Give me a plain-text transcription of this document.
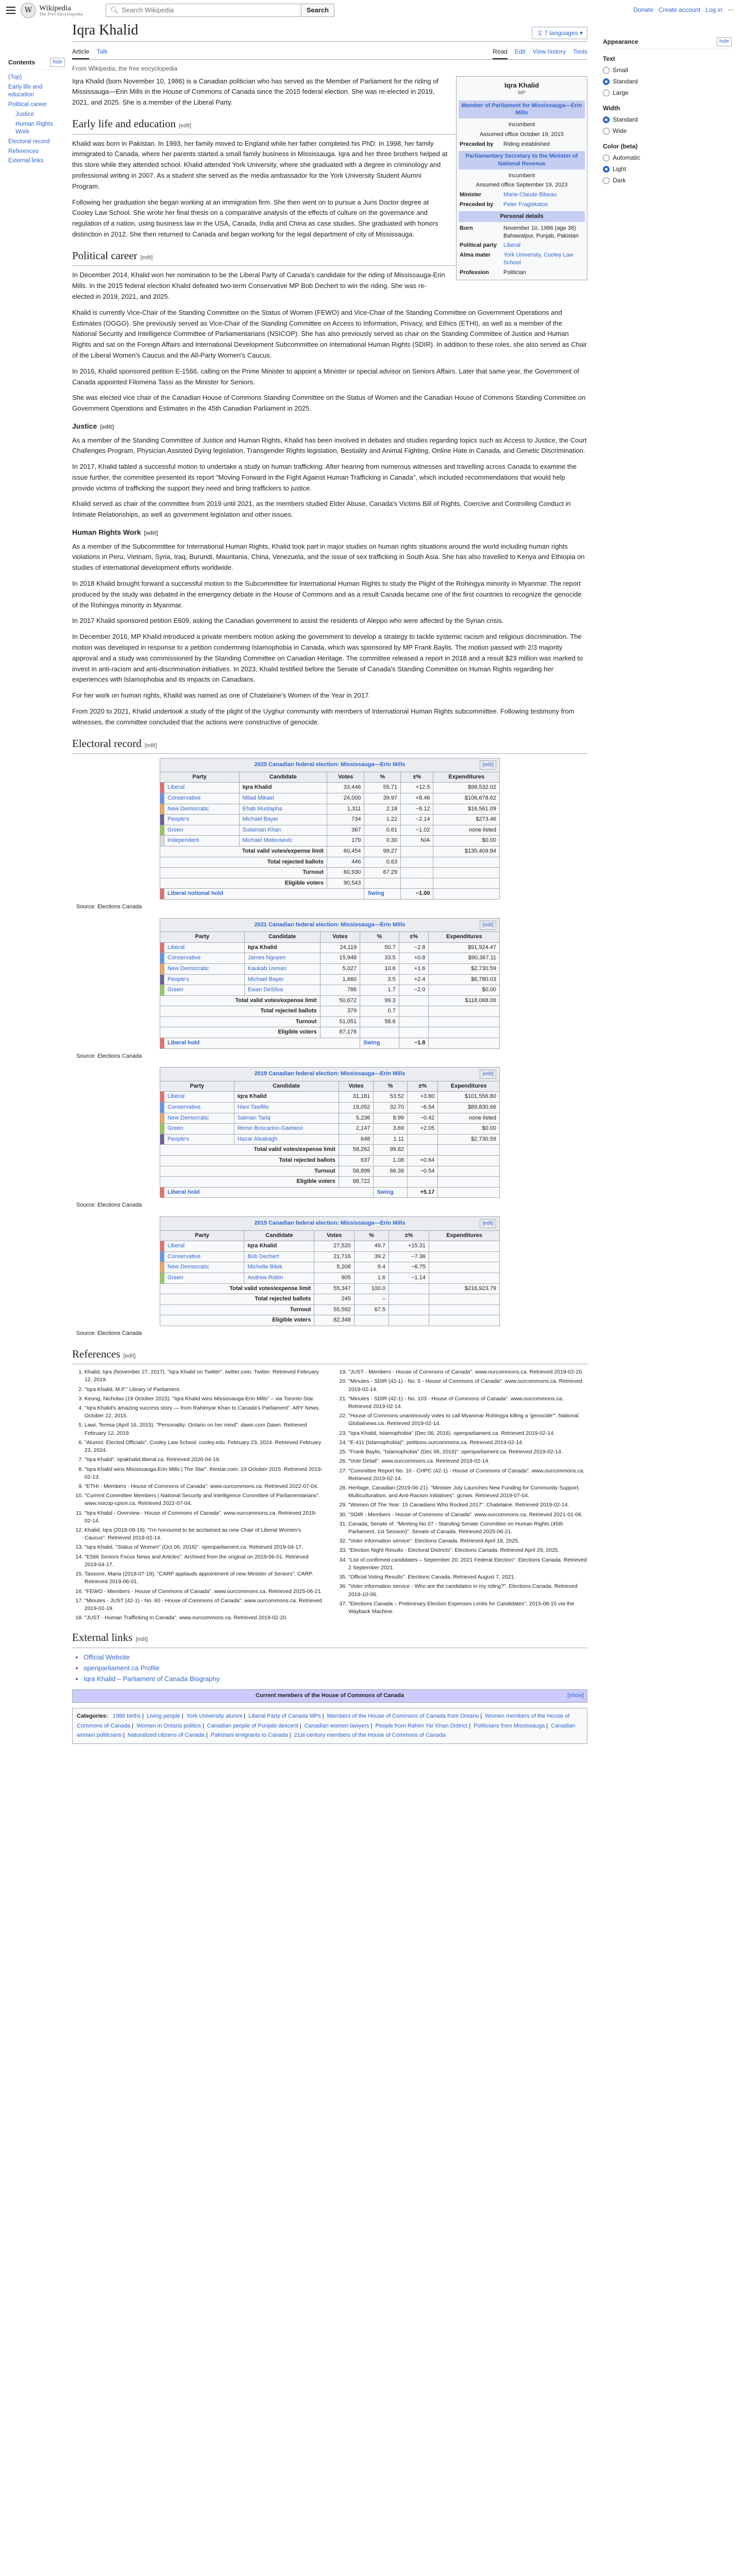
W Wikipedia
The Free Encyclopedia	🔍︎ Search Wikipedia	Search	Donate Create account Log in ⋯
Contents	hide
(Top)
Early life and education
Political career
Justice
Human Rights Work
Electoral record
References
External links
Iqra Khalid	文 7 languages ▾
Article Talk	Read Edit View history Tools
From Wikipedia, the free encyclopedia
Iqra Khalid
MP
Member of Parliament for Mississauga—Erin Mills
Incumbent
Assumed office October 19, 2015
Preceded by	Riding established
Parliamentary Secretary to the Minister of National Revenue
Incumbent
Assumed office September 19, 2023
Minister	Marie-Claude Bibeau
Preceded by	Peter Fragiskatos
Personal details
Born	November 10, 1986 (age 38) Bahawalpur, Punjab, Pakistan
Political party	Liberal
Alma mater	York University, Cooley Law School
Profession	Politician

Iqra Khalid (born November 10, 1986) is a Canadian politician who has served as the Member of Parliament for the riding of Mississauga—Erin Mills in the House of Commons of Canada since the 2015 federal election. She was re-elected in 2019, 2021, and 2025. She is a member of the Liberal Party.

Early life and education [edit]

Khalid was born in Pakistan. In 1993, her family moved to England while her father completed his PhD. In 1998, her family immigrated to Canada, where her parents started a small family business in Mississauga. Iqra and her three brothers helped at this store while they attended school. Khalid attended York University, where she graduated with a degree in criminology and professional writing in 2007. As a student she served as the media ambassador for the York University Student Alumni Program.

Following her graduation she began working at an immigration firm. She then went on to pursue a Juris Doctor degree at Cooley Law School. She wrote her final thesis on a comparative analysis of the effects of culture on the governance and regulation of a nation, using business law in the USA, Canada, India and China as case studies. She graduated with honors distinction in 2012. She then returned to Canada and began working for the legal department of city of Mississauga.

Political career [edit]

In December 2014, Khalid won her nomination to be the Liberal Party of Canada's candidate for the riding of Mississauga-Erin Mills. In the 2015 federal election Khalid defeated two-term Conservative MP Bob Dechert to win the riding. She was re-elected in 2019, 2021, and 2025.

Khalid is currently Vice-Chair of the Standing Committee on the Status of Women (FEWO) and Vice-Chair of the Standing Committee on Government Operations and Estimates (OGGO). She previously served as Vice-Chair of the Standing Committee on Access to Information, Privacy, and Ethics (ETHI), as well as a member of the National Security and Intelligence Committee of Parliamentarians (NSICOP). She has also previously served as chair on the Standing Committee of Justice and Human Rights and sat on the Foreign Affairs and International Development Subcommittee on International Human Rights (SDIR). In addition to these roles, she also served as Chair of the Liberal Women's Caucus and the All-Party Women's Caucus.

In 2016, Khalid sponsored petition E-1566, calling on the Prime Minister to appoint a Minister or special advisor on Seniors Affairs. Later that same year, the Government of Canada appointed Filomena Tassi as the Minister for Seniors.

She was elected vice chair of the Canadian House of Commons Standing Committee on the Status of Women and the Canadian House of Commons Standing Committee on Government Operations and Estimates in the 45th Canadian Parliament in 2025.

Justice [edit]

As a member of the Standing Committee of Justice and Human Rights, Khalid has been involved in debates and studies regarding topics such as Access to Justice, the Court Challenges Program, Physician Assisted Dying legislation, Transgender Rights legislation, Bestiality and Animal Fighting, Online Hate in Canada, and Genetic Discrimination.

In 2017, Khalid tabled a successful motion to undertake a study on human trafficking. After hearing from numerous witnesses and travelling across Canada to examine the issue further, the committee presented its report "Moving Forward in the Fight Against Human Trafficking in Canada", which included recommendations that would help provide victims of trafficking the support they need and bring traffickers to justice.

Khalid served as chair of the committee from 2019 until 2021, as the members studied Elder Abuse, Canada's Victims Bill of Rights, Coercive and Controlling Conduct in Intimate Relationships, as well as government legislation and other issues.

Human Rights Work [edit]

As a member of the Subcommittee for International Human Rights, Khalid took part in major studies on human rights situations around the world including human rights violations in Peru, Vietnam, Syria, Iraq, Burundi, Mauritania, China, Venezuela, and the issue of sex trafficking in South Asia. She has also travelled to Kenya and Ethiopia on studies of international development efforts worldwide.

In 2018 Khalid brought forward a successful motion to the Subcommittee for International Human Rights to study the Plight of the Rohingya minority in Myanmar. The report produced by the study was debated in the emergency debate in the House of Commons and as a result Canada became one of the first countries to recognize the genocide of the Rohingya minority in Myanmar.

In 2017 Khalid sponsored petition E609, asking the Canadian government to assist the residents of Aleppo who were affected by the Syrian crisis.

In December 2016, MP Khalid introduced a private members motion asking the government to develop a strategy to tackle systemic racism and religious discrimination. The motion was developed in response to a petition condemning Islamophobia in Canada, which was sponsored by MP Frank Baylis. The motion passed with 2/3 majority approval and a study was commissioned by the Standing Committee on Canadian Heritage. The committee released a report in 2018 and a result $23 million was marked to invest in anti-racism and anti-discrimination initiatives. In 2023, Khalid testified before the Senate of Canada's Standing Committee on Human Rights regarding her experiences with Islamophobia and its impacts on Canadians.

For her work on human rights, Khalid was named as one of Chatelaine's Women of the Year in 2017.

From 2020 to 2021, Khalid undertook a study of the plight of the Uyghur community with members of International Human Rights subcommittee. Following testimony from witnesses, the committee concluded that the actions were constructive of genocide.

Electoral record [edit]
2025 Canadian federal election: Mississauga—Erin Mills [edit]						

Party		Candidate	Votes	%	±%	Expenditures
	Liberal	Iqra Khalid	33,446	55.71	+12.5	$98,532.02
	Conservative	Milad Mikael	24,000	39.97	+8.46	$106,678.62
	New Democratic	Ehab Mustapha	1,311	2.18	−8.12	$16,561.09
	People's	Michael Bayer	734	1.22	−2.14	$273.46
	Green	Sulaiman Khan	367	0.61	−1.02	none listed
	Independent	Michael Mateusevic	179	0.30	N/A	$0.00
Total valid votes/expense limit			60,454	99.27		$135,409.84
Total rejected ballots			446	0.63		
Turnout			60,930	67.29		
Eligible voters			90,543			
	Liberal notional hold			Swing	−1.00	
Source: Elections Canada
2021 Canadian federal election: Mississauga—Erin Mills [edit]						

Party		Candidate	Votes	%	±%	Expenditures
	Liberal	Iqra Khalid	24,119	50.7	−2.8	$91,924.47
	Conservative	James Nguyen	15,948	33.5	+0.8	$90,367.11
	New Democratic	Kaukab Usman	5,027	10.6	+1.6	$2,730.59
	People's	Michael Bayer	1,660	3.5	+2.4	$6,780.03
	Green	Ewan DeSilva	786	1.7	−2.0	$0.00
Total valid votes/expense limit			50,672	99.3		$118,068.06
Total rejected ballots			379	0.7		
Turnout			51,051	58.6		
Eligible voters			87,176			
	Liberal hold			Swing	−1.8	
Source: Elections Canada
2019 Canadian federal election: Mississauga—Erin Mills [edit]						

Party		Candidate	Votes	%	±%	Expenditures
	Liberal	Iqra Khalid	31,181	53.52	+3.80	$101,556.80
	Conservative	Hani Tawfilis	19,052	32.70	−6.54	$89,830.66
	New Democratic	Salman Tariq	5,236	8.99	−0.42	none listed
	Green	Remo Boscarino-Gaetano	2,147	3.69	+2.05	$0.00
	People's	Hazar Alsabagh	648	1.11		$2,730.59
Total valid votes/expense limit			58,262	99.82		
Total rejected ballots			637	1.08	+0.64	
Turnout			58,899	66.39	−0.54	
Eligible voters			88,722			
	Liberal hold			Swing	+5.17	
Source: Elections Canada
2015 Canadian federal election: Mississauga—Erin Mills [edit]						

Party		Candidate	Votes	%	±%	Expenditures
	Liberal	Iqra Khalid	27,520	49.7	+15.31	
	Conservative	Bob Dechert	21,716	39.2	−7.36	
	New Democratic	Michelle Bilek	5,206	9.4	−6.75	
	Green	Andrew Robin	905	1.6	−1.14	
Total valid votes/expense limit			55,347	100.0		$216,923.79
Total rejected ballots			245	–		
Turnout			55,592	67.5		
Eligible voters			82,348			
Source: Elections Canada
References [edit]
1. Khalid, Iqra (November 27, 2017). "Iqra Khalid on Twitter". twitter.com. Twitter. Retrieved February 12, 2019.
2. "Iqra Khalid, M.P." Library of Parliament.
3. Keung, Nicholas (19 October 2015). "Iqra Khalid wins Mississauga-Erin Mills" – via Toronto Star.
4. "Iqra Khalid's amazing success story — from Rahimyar Khan to Canada's Parliament". ARY News. October 22, 2015.
5. Lawi, Teresa (April 16, 2015). "Personality: Ontario on her mind". dawn.com Dawn. Retrieved February 12, 2019.
6. "Alumni: Elected Officials". Cooley Law School. cooley.edu. February 23, 2024. Retrieved February 23, 2024.
7. "Iqra Khalid". iqrakhalid.liberal.ca. Retrieved 2026-04-19.
8. "Iqra Khalid wins Mississauga-Erin Mills | The Star". thestar.com. 19 October 2015. Retrieved 2019-02-13.
9. "ETHI - Members - House of Commons of Canada". www.ourcommons.ca. Retrieved 2022-07-04.
10. "Current Committee Members | National Security and Intelligence Committee of Parliamentarians". www.nsicop-cpsnr.ca. Retrieved 2022-07-04.
11. "Iqra Khalid - Overview - House of Commons of Canada". www.ourcommons.ca. Retrieved 2019-02-14.
12. Khalid, Iqra (2018-09-19). "I'm honoured to be acclaimed as new Chair of Liberal Women's Caucus". Retrieved 2019-02-14.
13. "Iqra Khalid, "Status of Women" (Oct 06, 2016)". openparliament.ca. Retrieved 2019-04-17.
14. "E566 Seniors Focus News and Articles". Archived from the original on 2019-06-01. Retrieved 2019-04-17.
15. Tassone, Maria (2018-07-18). "CARP applauds appointment of new Minister of Seniors". CARP. Retrieved 2019-06-01.
16. "FEWO - Members - House of Commons of Canada". www.ourcommons.ca. Retrieved 2025-06-21.
17. "Minutes - JUST (42-1) - No. 60 - House of Commons of Canada". www.ourcommons.ca. Retrieved 2019-02-19.
18. "JUST - Human Trafficking in Canada". www.ourcommons.ca. Retrieved 2019-02-20.
19. "JUST - Members - House of Commons of Canada". www.ourcommons.ca. Retrieved 2019-02-20.
20. "Minutes - SDIR (42-1) - No. 5 - House of Commons of Canada". www.ourcommons.ca. Retrieved 2019-02-14.
21. "Minutes - SDIR (42-1) - No. 103 - House of Commons of Canada". www.ourcommons.ca. Retrieved 2019-02-14.
22. "House of Commons unanimously votes to call Myanmar Rohingya killing a 'genocide'". National. Globalnews.ca. Retrieved 2019-02-14.
23. "Iqra Khalid, Islamophobia" (Dec 06, 2016). openparliament.ca. Retrieved 2019-02-14.
24. "E-411 (Islamophobia)". petitions.ourcommons.ca. Retrieved 2019-02-14.
25. "Frank Baylis, "Islamophobia" (Dec 06, 2016)". openparliament.ca. Retrieved 2019-02-14.
26. "Vote Detail". www.ourcommons.ca. Retrieved 2019-02-14.
27. "Committee Report No. 10 - CHPC (42-1) - House of Commons of Canada". www.ourcommons.ca. Retrieved 2019-02-14.
28. Heritage, Canadian (2019-06-21). "Minister Joly Launches New Funding for Community Support, Multiculturalism, and Anti-Racism Initiatives". gcnws. Retrieved 2019-07-04.
29. "Women Of The Year: 15 Canadians Who Rocked 2017". Chatelaine. Retrieved 2019-02-14.
30. "SDIR - Members - House of Commons of Canada". www.ourcommons.ca. Retrieved 2021-01-06.
31. Canada, Senate of. "Meeting No 07 - Standing Senate Committee on Human Rights (45th Parliament, 1st Session)". Senate of Canada. Retrieved 2025-06-21.
32. "Voter information service". Elections Canada. Retrieved April 18, 2025.
33. "Election Night Results - Electoral Districts". Elections Canada. Retrieved April 29, 2025.
34. "List of confirmed candidates – September 20, 2021 Federal Election". Elections Canada. Retrieved 2 September 2021.
35. "Official Voting Results". Elections Canada. Retrieved August 7, 2021.
36. "Voter information service - Who are the candidates in my riding?". Elections Canada. Retrieved 2019-10-06.
37. "Elections Canada – Preliminary Election Expenses Limits for Candidates". 2015-08-15 via the Wayback Machine.
External links [edit]
• Official Website
• openparliament.ca Profile
• Iqra Khalid – Parliament of Canada Biography
Current members of the House of Commons of Canada	[show]
Categories: 1986 births | Living people | York University alumni | Liberal Party of Canada MPs | Members of the House of Commons of Canada from Ontario | Women members of the House of Commons of Canada | Women in Ontario politics | Canadian people of Punjabi descent | Canadian women lawyers | People from Rahim Yar Khan District | Politicians from Mississauga | Canadian women politicians | Naturalized citizens of Canada | Pakistani emigrants to Canada | 21st-century members of the House of Commons of Canada
Appearance	hide
Text
Small
Standard
Large
Width
Standard
Wide
Color (beta)
Automatic
Light
Dark
